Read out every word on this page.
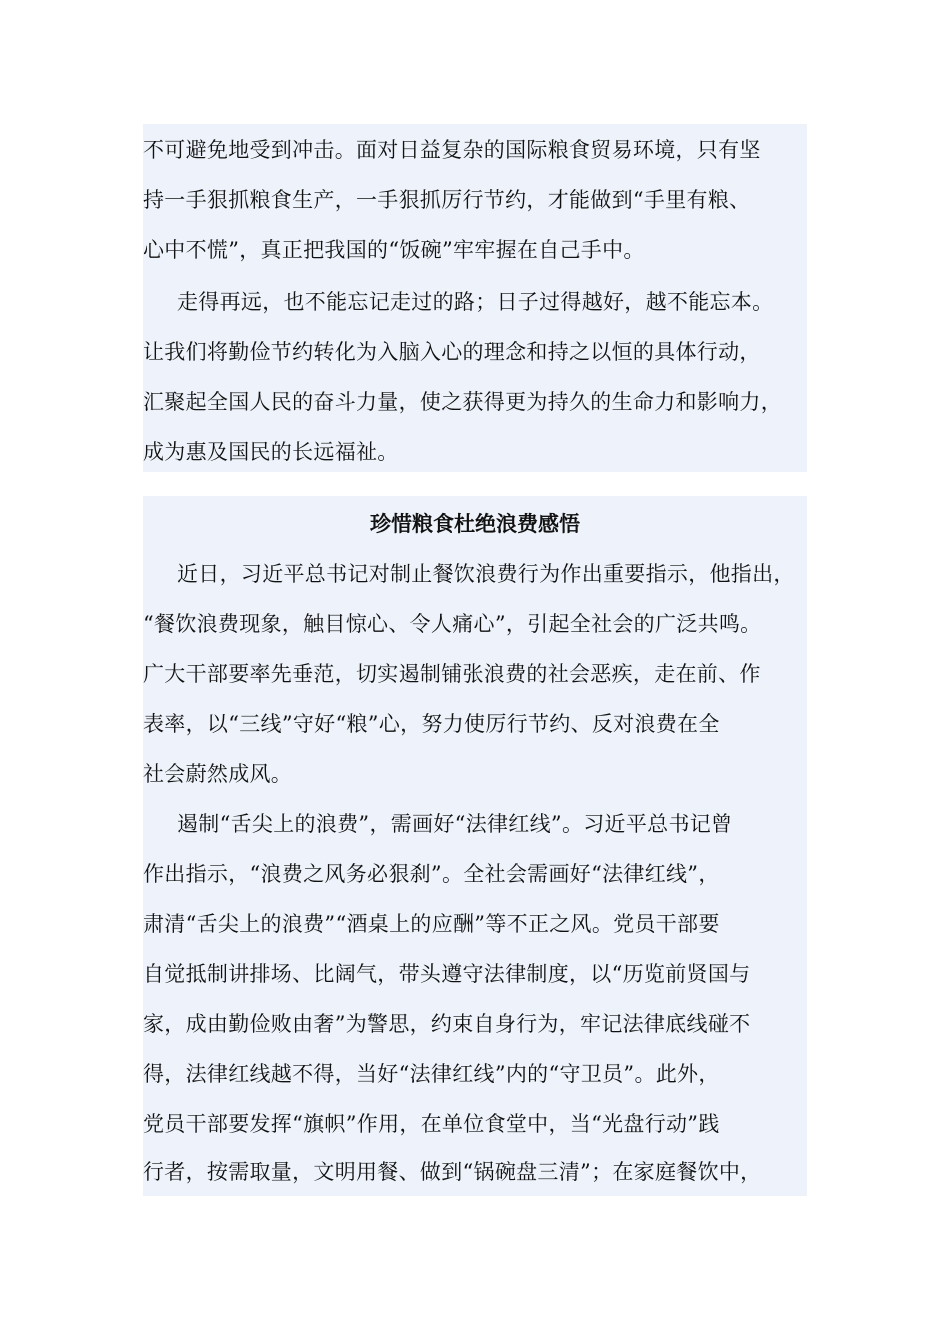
不可避免地受到冲击。面对日益复杂的国际粮食贸易环境，只有坚
持一手狠抓粮食生产，一手狠抓厉行节约，才能做到“手里有粮、
心中不慌”，真正把我国的“饭碗”牢牢握在自己手中。
走得再远，也不能忘记走过的路；日子过得越好，越不能忘本。
让我们将勤俭节约转化为入脑入心的理念和持之以恒的具体行动，
汇聚起全国人民的奋斗力量，使之获得更为持久的生命力和影响力，
成为惠及国民的长远福祉。
珍惜粮食杜绝浪费感悟
近日，习近平总书记对制止餐饮浪费行为作出重要指示，他指出，
“餐饮浪费现象，触目惊心、令人痛心”，引起全社会的广泛共鸣。
广大干部要率先垂范，切实遏制铺张浪费的社会恶疾，走在前、作
表率，以“三线”守好“粮”心，努力使厉行节约、反对浪费在全
社会蔚然成风。
遏制“舌尖上的浪费”，需画好“法律红线”。习近平总书记曾
作出指示，“浪费之风务必狠刹”。全社会需画好“法律红线”，
肃清“舌尖上的浪费”“酒桌上的应酬”等不正之风。党员干部要
自觉抵制讲排场、比阔气，带头遵守法律制度，以“历览前贤国与
家，成由勤俭败由奢”为警思，约束自身行为，牢记法律底线碰不
得，法律红线越不得，当好“法律红线”内的“守卫员”。此外，
党员干部要发挥“旗帜”作用，在单位食堂中，当“光盘行动”践
行者，按需取量，文明用餐、做到“锅碗盘三清”；在家庭餐饮中，
